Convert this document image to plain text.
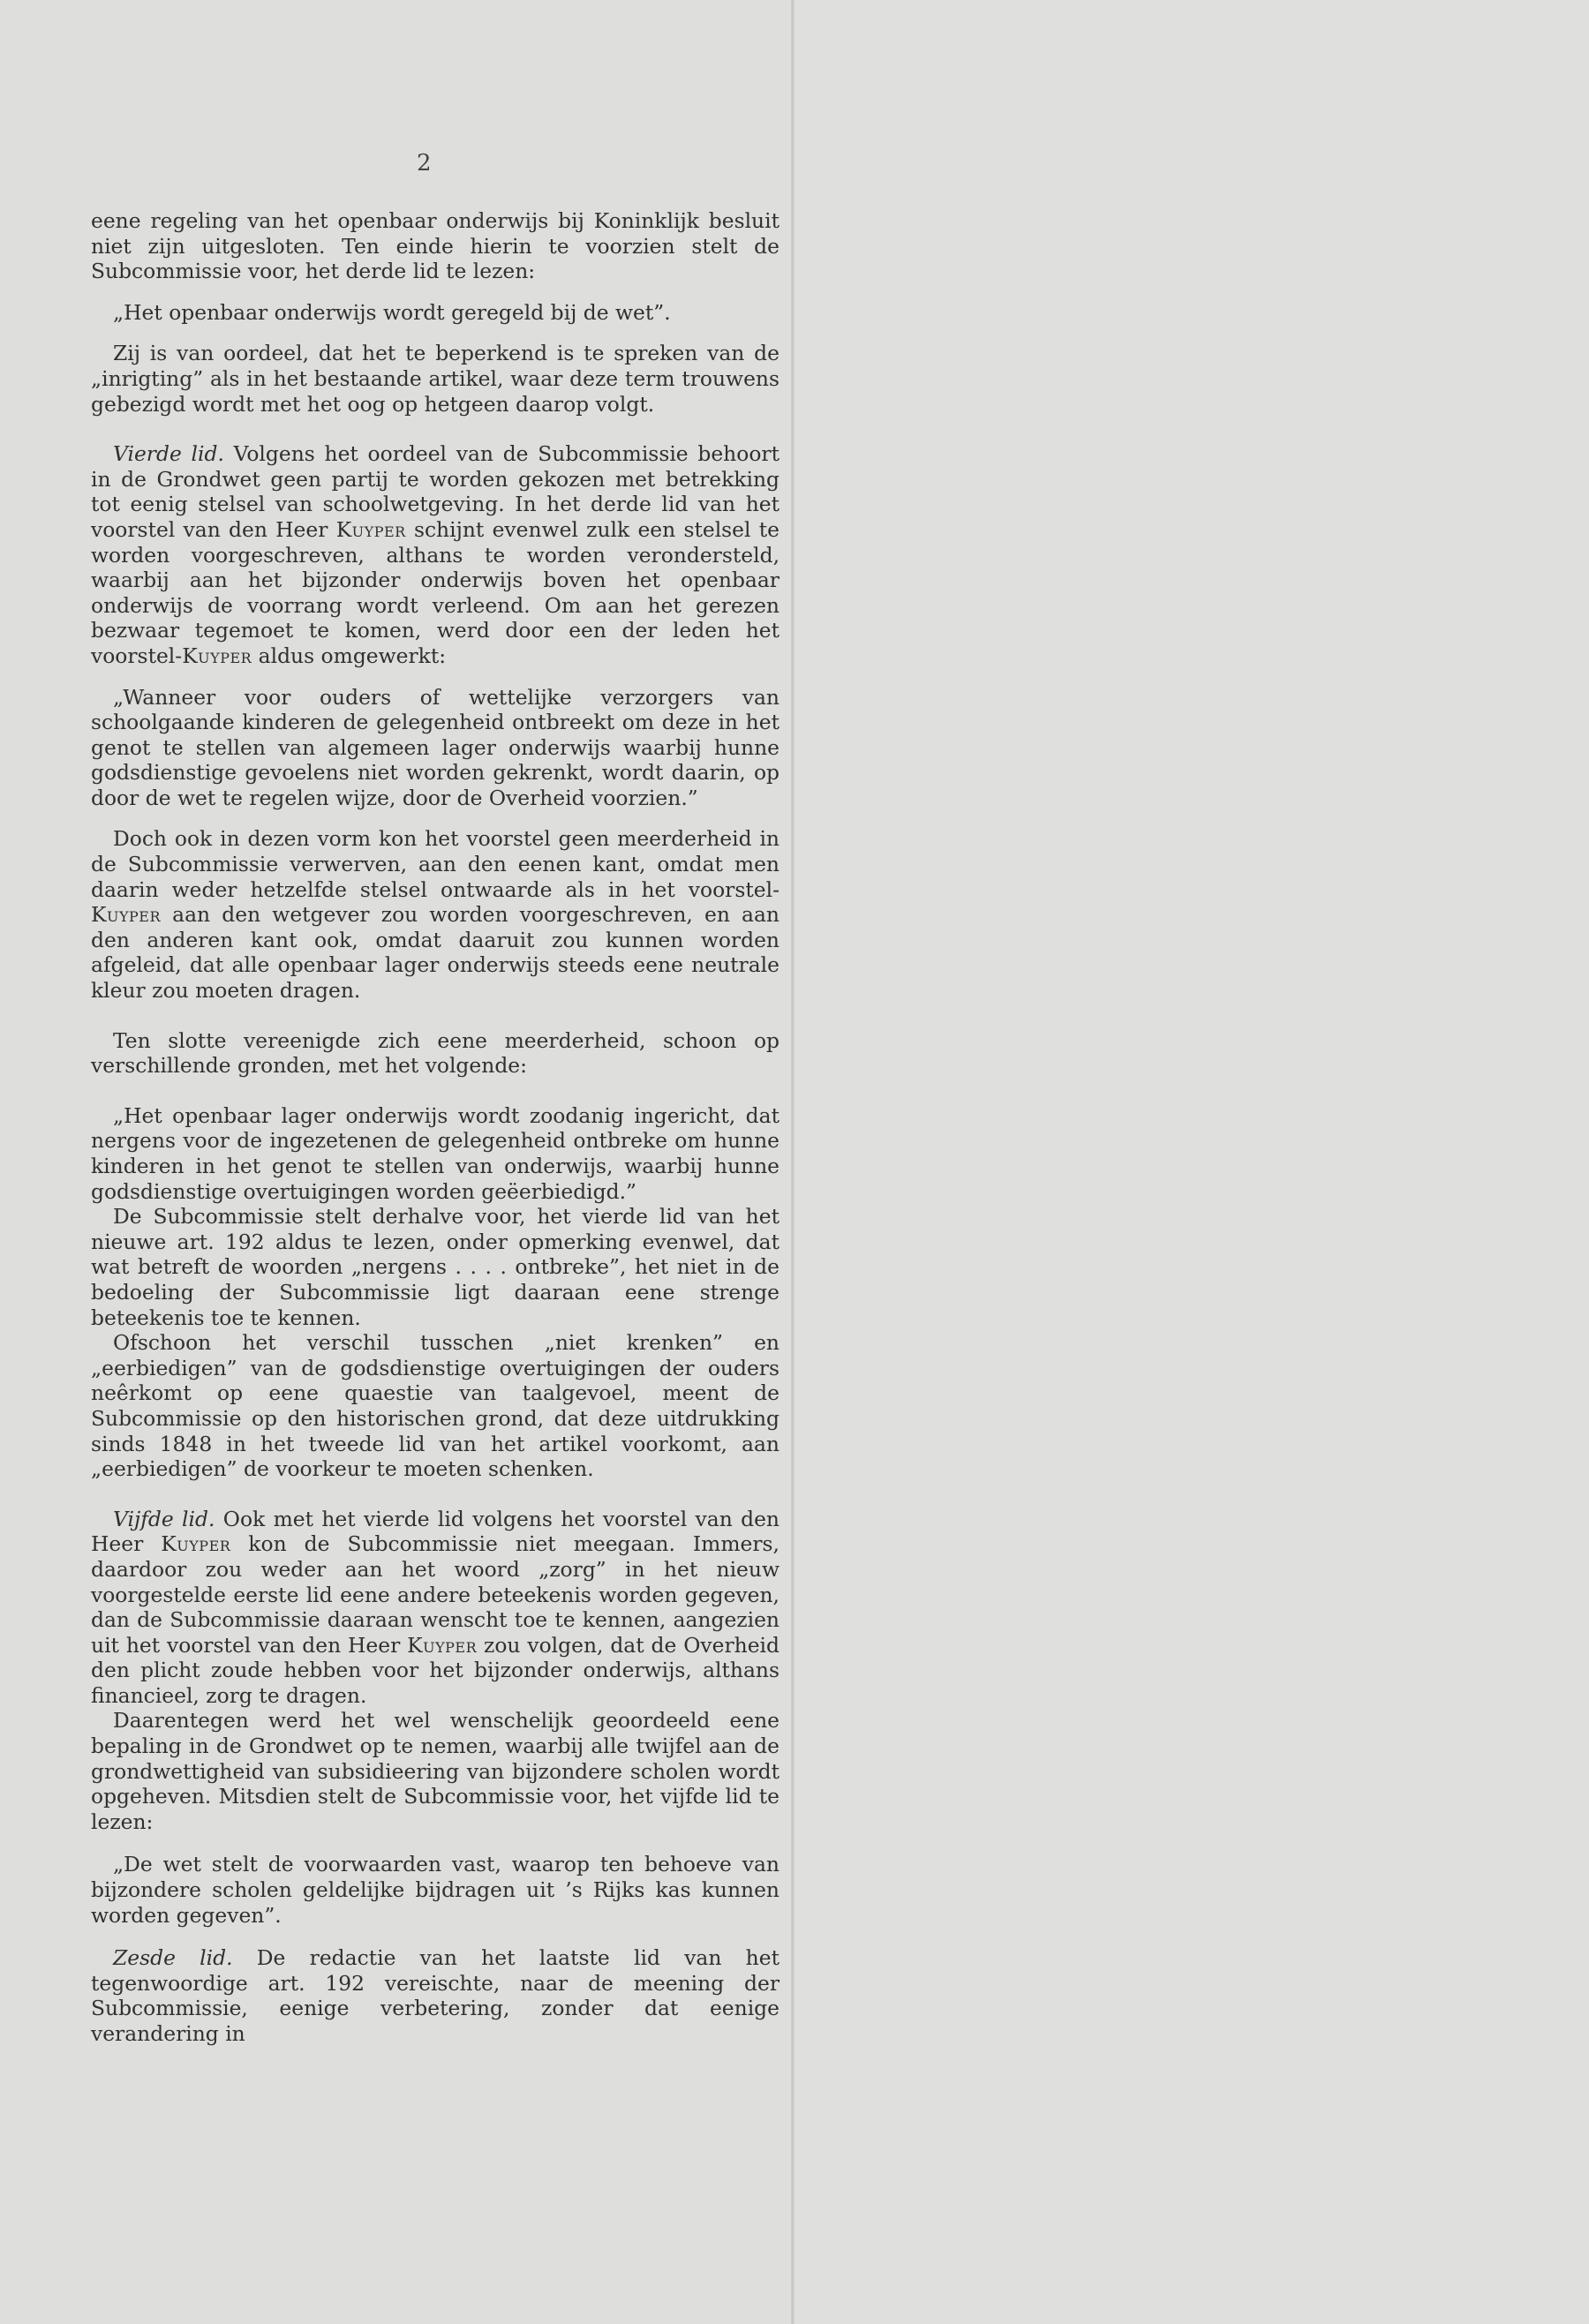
2

eene regeling van het openbaar onderwijs bij Koninklijk besluit niet zijn uitgesloten. Ten einde hierin te voorzien stelt de Subcommissie voor, het derde lid te lezen:

„Het openbaar onderwijs wordt geregeld bij de wet”.

Zij is van oordeel, dat het te beperkend is te spreken van de „inrigting” als in het bestaande artikel, waar deze term trouwens gebezigd wordt met het oog op hetgeen daarop volgt.

Vierde lid. Volgens het oordeel van de Subcommissie behoort in de Grondwet geen partij te worden gekozen met betrekking tot eenig stelsel van schoolwetgeving. In het derde lid van het voorstel van den Heer Kuyper schijnt evenwel zulk een stelsel te worden voorgeschreven, althans te worden verondersteld, waarbij aan het bijzonder onderwijs boven het openbaar onderwijs de voorrang wordt verleend. Om aan het gerezen bezwaar tegemoet te komen, werd door een der leden het voorstel-Kuyper aldus omgewerkt:

„Wanneer voor ouders of wettelijke verzorgers van schoolgaande kinderen de gelegenheid ontbreekt om deze in het genot te stellen van algemeen lager onderwijs waarbij hunne godsdienstige gevoelens niet worden gekrenkt, wordt daarin, op door de wet te regelen wijze, door de Overheid voorzien.”

Doch ook in dezen vorm kon het voorstel geen meerderheid in de Subcommissie verwerven, aan den eenen kant, omdat men daarin weder hetzelfde stelsel ontwaarde als in het voorstel-Kuyper aan den wetgever zou worden voorgeschreven, en aan den anderen kant ook, omdat daaruit zou kunnen worden afgeleid, dat alle openbaar lager onderwijs steeds eene neutrale kleur zou moeten dragen.

Ten slotte vereenigde zich eene meerderheid, schoon op verschillende gronden, met het volgende:

„Het openbaar lager onderwijs wordt zoodanig ingericht, dat nergens voor de ingezetenen de gelegenheid ontbreke om hunne kinderen in het genot te stellen van onderwijs, waarbij hunne godsdienstige overtuigingen worden geëerbiedigd.”

De Subcommissie stelt derhalve voor, het vierde lid van het nieuwe art. 192 aldus te lezen, onder opmerking evenwel, dat wat betreft de woorden „nergens . . . . ontbreke”, het niet in de bedoeling der Subcommissie ligt daaraan eene strenge beteekenis toe te kennen.

Ofschoon het verschil tusschen „niet krenken” en „eerbiedigen” van de godsdienstige overtuigingen der ouders neêrkomt op eene quaestie van taalgevoel, meent de Subcommissie op den historischen grond, dat deze uitdrukking sinds 1848 in het tweede lid van het artikel voorkomt, aan „eerbiedigen” de voorkeur te moeten schenken.

Vijfde lid. Ook met het vierde lid volgens het voorstel van den Heer Kuyper kon de Subcommissie niet meegaan. Immers, daardoor zou weder aan het woord „zorg” in het nieuw voorgestelde eerste lid eene andere beteekenis worden gegeven, dan de Subcommissie daaraan wenscht toe te kennen, aangezien uit het voorstel van den Heer Kuyper zou volgen, dat de Overheid den plicht zoude hebben voor het bijzonder onderwijs, althans financieel, zorg te dragen.

Daarentegen werd het wel wenschelijk geoordeeld eene bepaling in de Grondwet op te nemen, waarbij alle twijfel aan de grondwettigheid van subsidieering van bijzondere scholen wordt opgeheven. Mitsdien stelt de Subcommissie voor, het vijfde lid te lezen:

„De wet stelt de voorwaarden vast, waarop ten behoeve van bijzondere scholen geldelijke bijdragen uit ’s Rijks kas kunnen worden gegeven”.

Zesde lid. De redactie van het laatste lid van het tegenwoordige art. 192 vereischte, naar de meening der Subcommissie, eenige verbetering, zonder dat eenige verandering in
